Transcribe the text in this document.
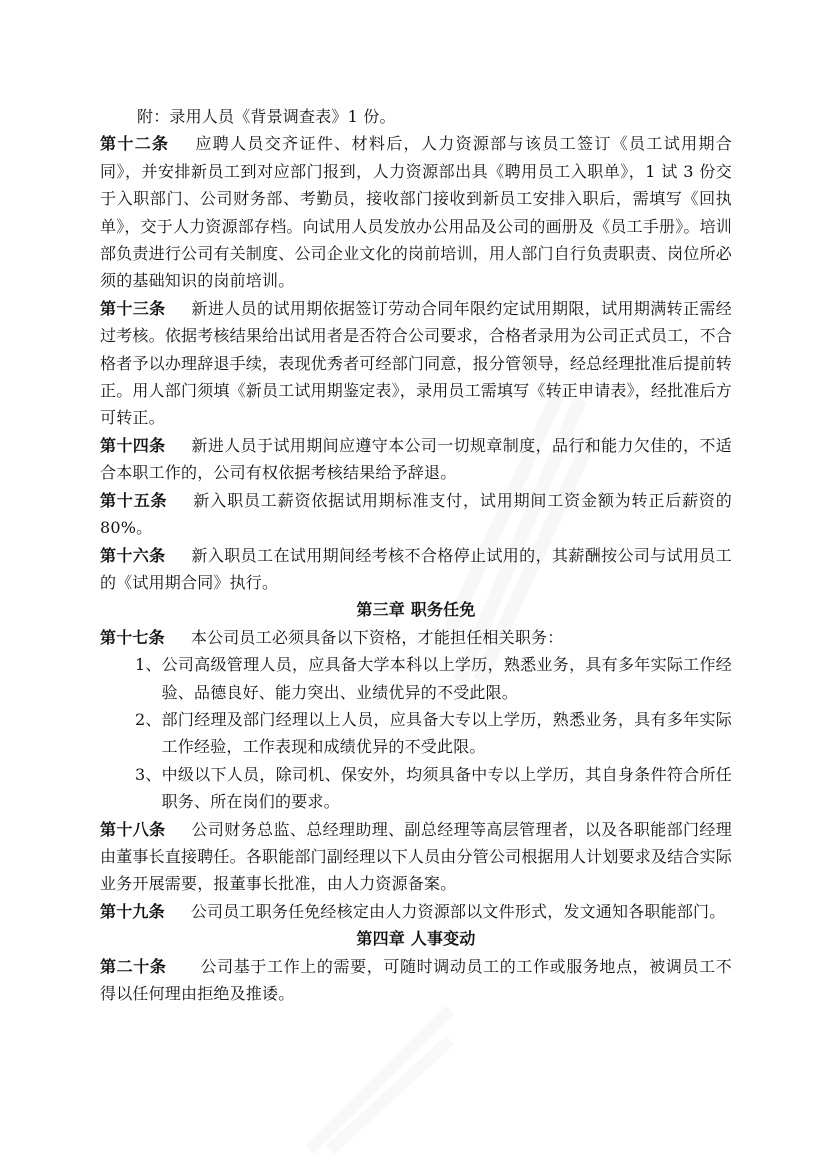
附：录用人员《背景调查表》1 份。

第十二条 应聘人员交齐证件、材料后，人力资源部与该员工签订《员工试用期合同》，并安排新员工到对应部门报到，人力资源部出具《聘用员工入职单》，1 试 3 份交于入职部门、公司财务部、考勤员，接收部门接收到新员工安排入职后，需填写《回执单》，交于人力资源部存档。向试用人员发放办公用品及公司的画册及《员工手册》。培训部负责进行公司有关制度、公司企业文化的岗前培训，用人部门自行负责职责、岗位所必须的基础知识的岗前培训。

第十三条 新进人员的试用期依据签订劳动合同年限约定试用期限，试用期满转正需经过考核。依据考核结果给出试用者是否符合公司要求，合格者录用为公司正式员工，不合格者予以办理辞退手续，表现优秀者可经部门同意，报分管领导，经总经理批准后提前转正。用人部门须填《新员工试用期鉴定表》，录用员工需填写《转正申请表》，经批准后方可转正。

第十四条 新进人员于试用期间应遵守本公司一切规章制度，品行和能力欠佳的，不适合本职工作的，公司有权依据考核结果给予辞退。

第十五条 新入职员工薪资依据试用期标准支付，试用期间工资金额为转正后薪资的 80%。

第十六条 新入职员工在试用期间经考核不合格停止试用的，其薪酬按公司与试用员工的《试用期合同》执行。

第三章 职务任免

第十七条 本公司员工必须具备以下资格，才能担任相关职务：

1、 公司高级管理人员，应具备大学本科以上学历，熟悉业务，具有多年实际工作经验、品德良好、能力突出、业绩优异的不受此限。
2、 部门经理及部门经理以上人员，应具备大专以上学历，熟悉业务，具有多年实际工作经验，工作表现和成绩优异的不受此限。
3、 中级以下人员，除司机、保安外，均须具备中专以上学历，其自身条件符合所任职务、所在岗们的要求。

第十八条 公司财务总监、总经理助理、副总经理等高层管理者，以及各职能部门经理由董事长直接聘任。各职能部门副经理以下人员由分管公司根据用人计划要求及结合实际业务开展需要，报董事长批准，由人力资源备案。

第十九条 公司员工职务任免经核定由人力资源部以文件形式，发文通知各职能部门。

第四章 人事变动

第二十条 公司基于工作上的需要，可随时调动员工的工作或服务地点，被调员工不得以任何理由拒绝及推诿。
